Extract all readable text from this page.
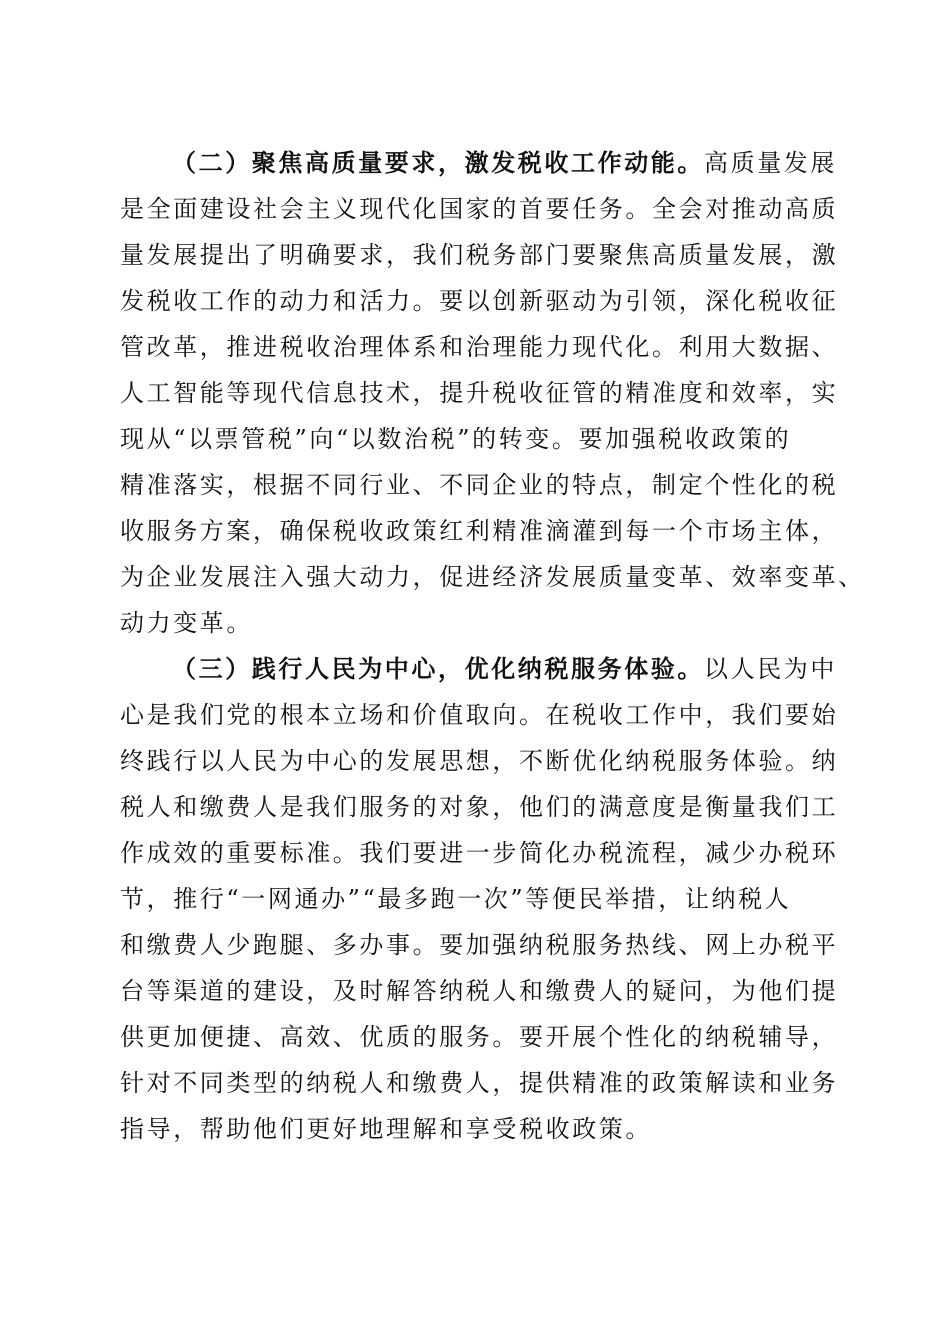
（二）聚焦高质量要求，激发税收工作动能。高质量发展
是全面建设社会主义现代化国家的首要任务。全会对推动高质
量发展提出了明确要求，我们税务部门要聚焦高质量发展，激
发税收工作的动力和活力。要以创新驱动为引领，深化税收征
管改革，推进税收治理体系和治理能力现代化。利用大数据、
人工智能等现代信息技术，提升税收征管的精准度和效率，实
现从“以票管税”向“以数治税”的转变。要加强税收政策的
精准落实，根据不同行业、不同企业的特点，制定个性化的税
收服务方案，确保税收政策红利精准滴灌到每一个市场主体，
为企业发展注入强大动力，促进经济发展质量变革、效率变革、
动力变革。
（三）践行人民为中心，优化纳税服务体验。以人民为中
心是我们党的根本立场和价值取向。在税收工作中，我们要始
终践行以人民为中心的发展思想，不断优化纳税服务体验。纳
税人和缴费人是我们服务的对象，他们的满意度是衡量我们工
作成效的重要标准。我们要进一步简化办税流程，减少办税环
节，推行“一网通办”“最多跑一次”等便民举措，让纳税人
和缴费人少跑腿、多办事。要加强纳税服务热线、网上办税平
台等渠道的建设，及时解答纳税人和缴费人的疑问，为他们提
供更加便捷、高效、优质的服务。要开展个性化的纳税辅导，
针对不同类型的纳税人和缴费人，提供精准的政策解读和业务
指导，帮助他们更好地理解和享受税收政策。
